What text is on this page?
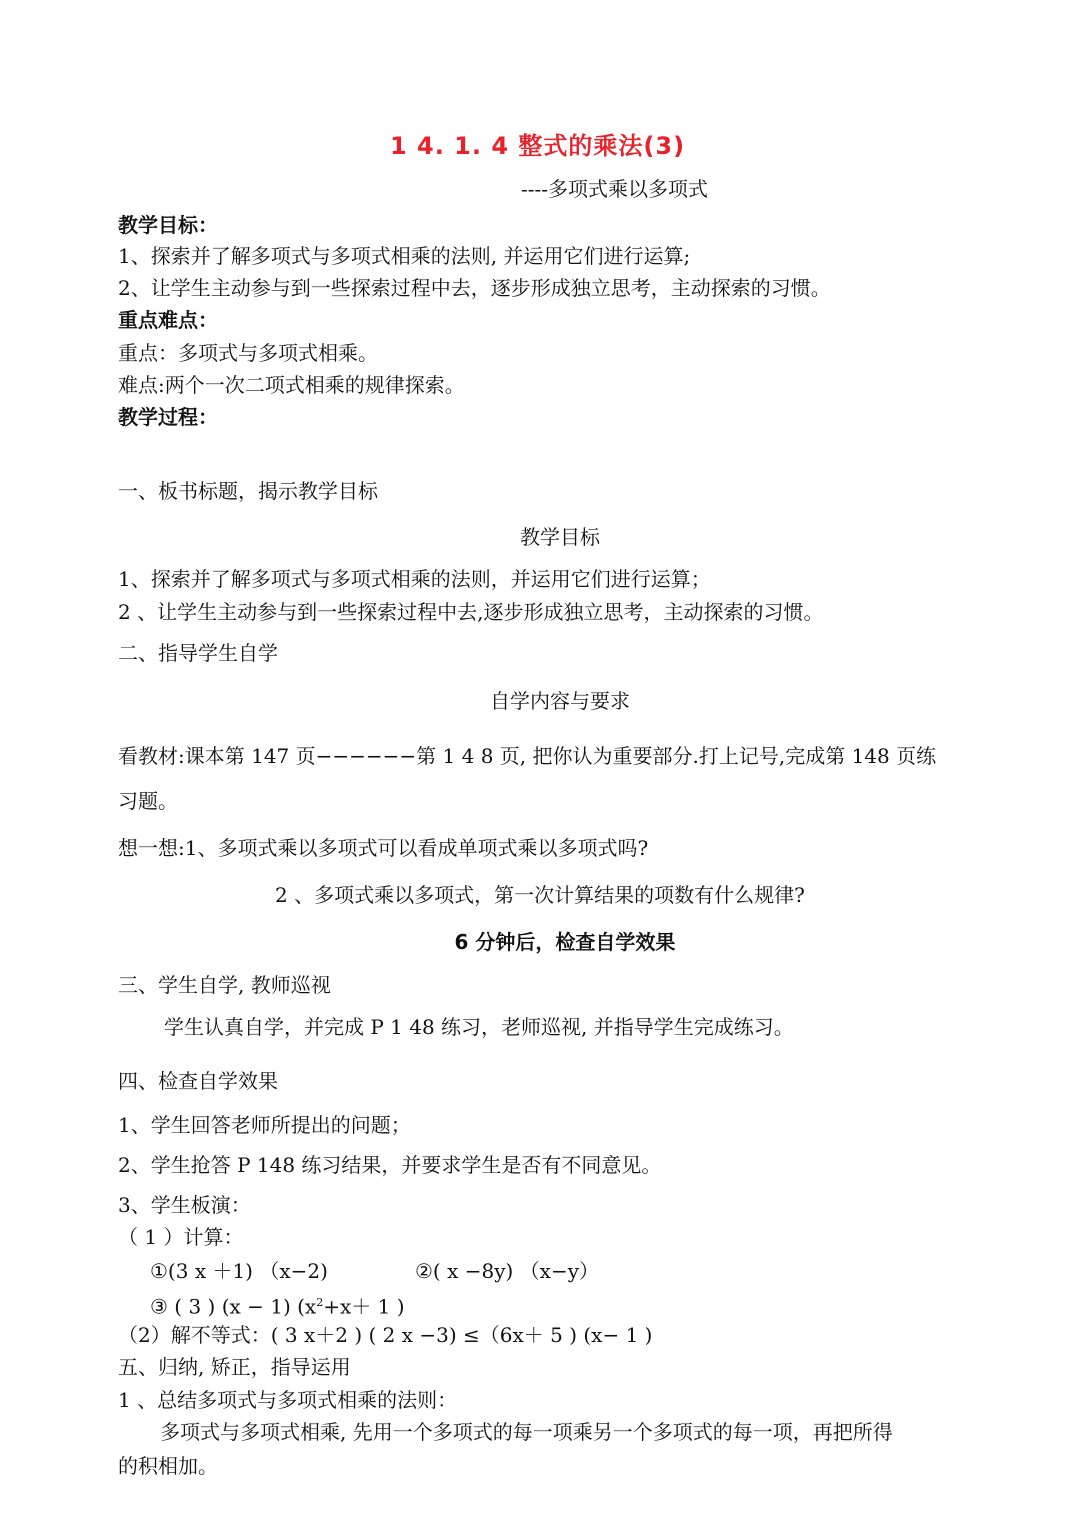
1 4. 1. 4 整式的乘法(3)
----多项式乘以多项式
教学目标：
1、探索并了解多项式与多项式相乘的法则, 并运用它们进行运算;
2、让学生主动参与到一些探索过程中去，逐步形成独立思考，主动探索的习惯。
重点难点：
重点：多项式与多项式相乘。
难点:两个一次二项式相乘的规律探索。
教学过程：
一、板书标题，揭示教学目标
教学目标
1、探索并了解多项式与多项式相乘的法则，并运用它们进行运算；
2 、让学生主动参与到一些探索过程中去,逐步形成独立思考，主动探索的习惯。
二、指导学生自学
自学内容与要求
看教材:课本第 147 页−−−−−−第 1 4 8 页, 把你认为重要部分.打上记号,完成第 148 页练
习题。
想一想:1、多项式乘以多项式可以看成单项式乘以多项式吗?
2 、多项式乘以多项式，第一次计算结果的项数有什么规律?
6 分钟后，检查自学效果
三、学生自学, 教师巡视
学生认真自学，并完成 P 1 48 练习，老师巡视, 并指导学生完成练习。
四、检查自学效果
1、学生回答老师所提出的问题；
2、学生抢答 P 148 练习结果，并要求学生是否有不同意见。
3、学生板演：
（ 1 ）计算：
①(3 x ＋1) （x−2)	②( x −8y) （x−y）
③ ( 3 ) (x − 1) ($x^2+x+ 1$ )
（2）解不等式：( 3 x＋2 ) ( 2 x −3) ≤（6x＋ 5 ) (x− 1 )
五、归纳, 矫正，指导运用
1 、总结多项式与多项式相乘的法则：
多项式与多项式相乘, 先用一个多项式的每一项乘另一个多项式的每一项，再把所得
的积相加。
